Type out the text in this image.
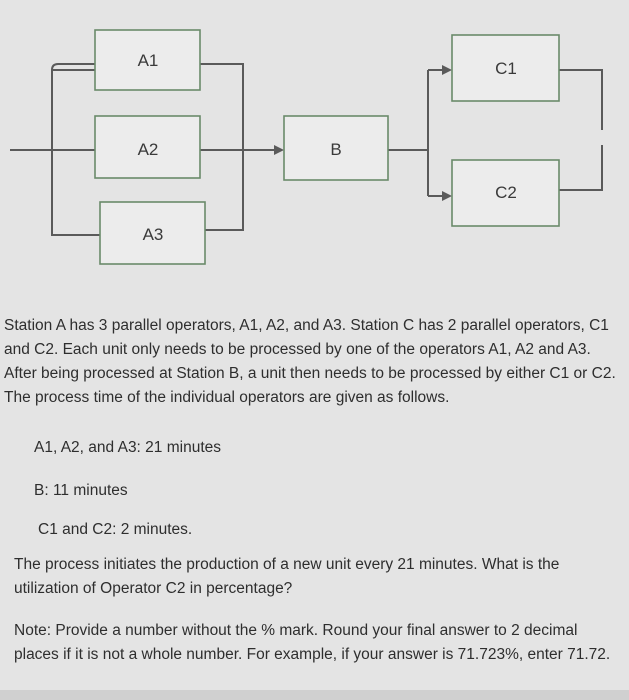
A1
A2
A3
B
C1
C2
Station A has 3 parallel operators, A1, A2, and A3. Station C has 2 parallel operators, C1 and C2. Each unit only needs to be processed by one of the operators A1, A2 and A3. After being processed at Station B, a unit then needs to be processed by either C1 or C2. The process time of the individual operators are given as follows.
A1, A2, and A3: 21 minutes
B: 11 minutes
C1 and C2: 2 minutes.
The process initiates the production of a new unit every 21 minutes. What is the utilization of Operator C2 in percentage?
Note: Provide a number without the % mark. Round your final answer to 2 decimal places if it is not a whole number. For example, if your answer is 71.723%, enter 71.72.
